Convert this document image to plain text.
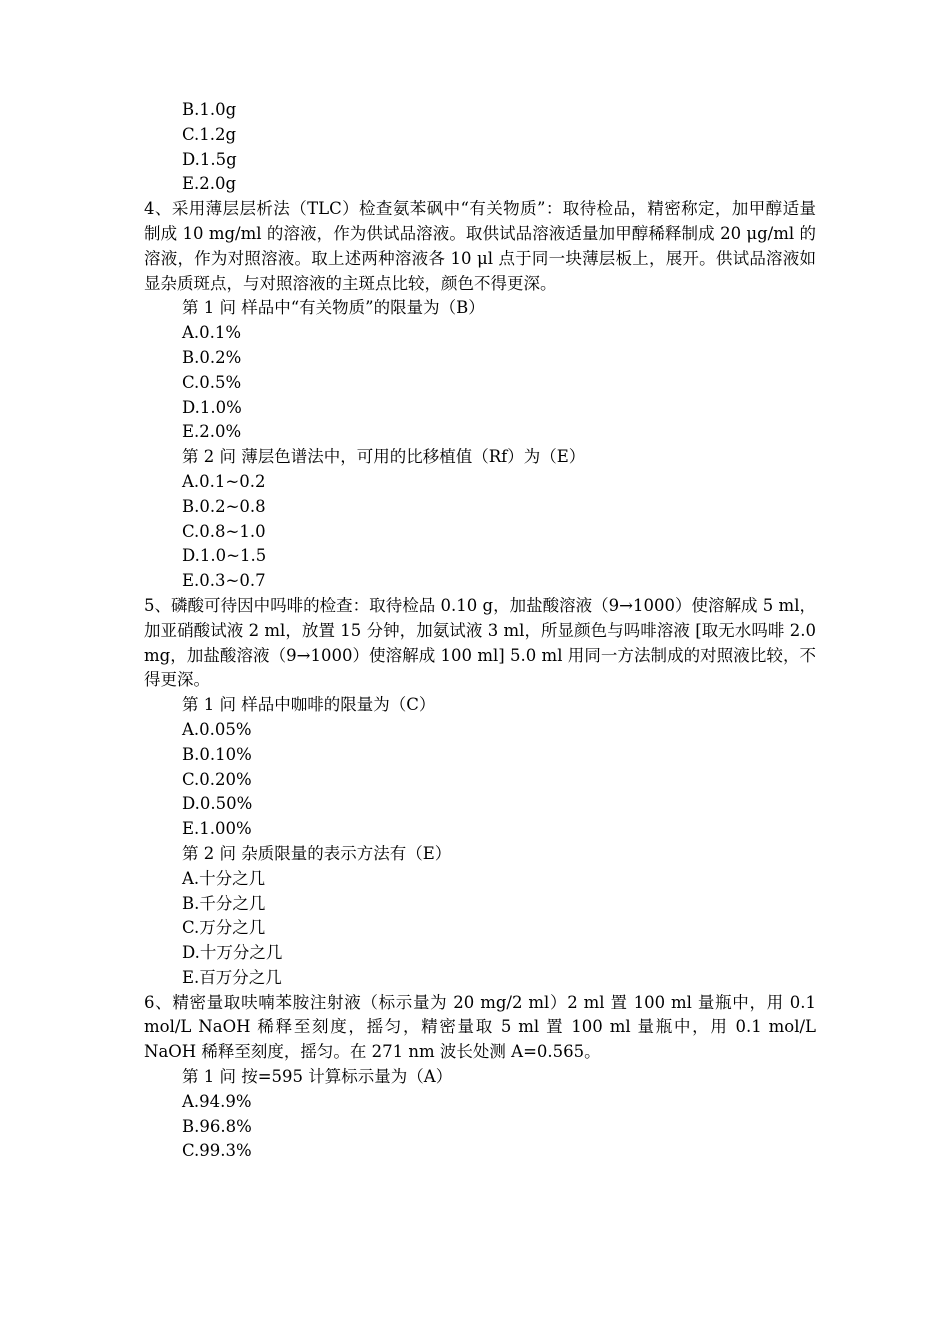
B.1.0g
C.1.2g
D.1.5g
E.2.0g
4、采用薄层层析法（TLC）检查氨苯砜中“有关物质”：取待检品，精密称定，加甲醇适量制成 10 mg/ml 的溶液，作为供试品溶液。取供试品溶液适量加甲醇稀释制成 20 μg/ml 的溶液，作为对照溶液。取上述两种溶液各 10 μl 点于同一块薄层板上，展开。供试品溶液如显杂质斑点，与对照溶液的主斑点比较，颜色不得更深。
第 1 问 样品中“有关物质”的限量为（B）
A.0.1%
B.0.2%
C.0.5%
D.1.0%
E.2.0%
第 2 问 薄层色谱法中，可用的比移植值（Rf）为（E）
A.0.1~0.2
B.0.2~0.8
C.0.8~1.0
D.1.0~1.5
E.0.3~0.7
5、磷酸可待因中吗啡的检查：取待检品 0.10 g，加盐酸溶液（9→1000）使溶解成 5 ml，加亚硝酸试液 2 ml，放置 15 分钟，加氨试液 3 ml，所显颜色与吗啡溶液 [取无水吗啡 2.0 mg，加盐酸溶液（9→1000）使溶解成 100 ml] 5.0 ml 用同一方法制成的对照液比较，不得更深。
第 1 问 样品中咖啡的限量为（C）
A.0.05%
B.0.10%
C.0.20%
D.0.50%
E.1.00%
第 2 问 杂质限量的表示方法有（E）
A.十分之几
B.千分之几
C.万分之几
D.十万分之几
E.百万分之几
6、精密量取呋喃苯胺注射液（标示量为 20 mg/2 ml）2 ml 置 100 ml 量瓶中，用 0.1 mol/L NaOH 稀释至刻度，摇匀，精密量取 5 ml 置 100 ml 量瓶中，用 0.1 mol/L NaOH 稀释至刻度，摇匀。在 271 nm 波长处测 A=0.565。
第 1 问 按=595 计算标示量为（A）
A.94.9%
B.96.8%
C.99.3%
